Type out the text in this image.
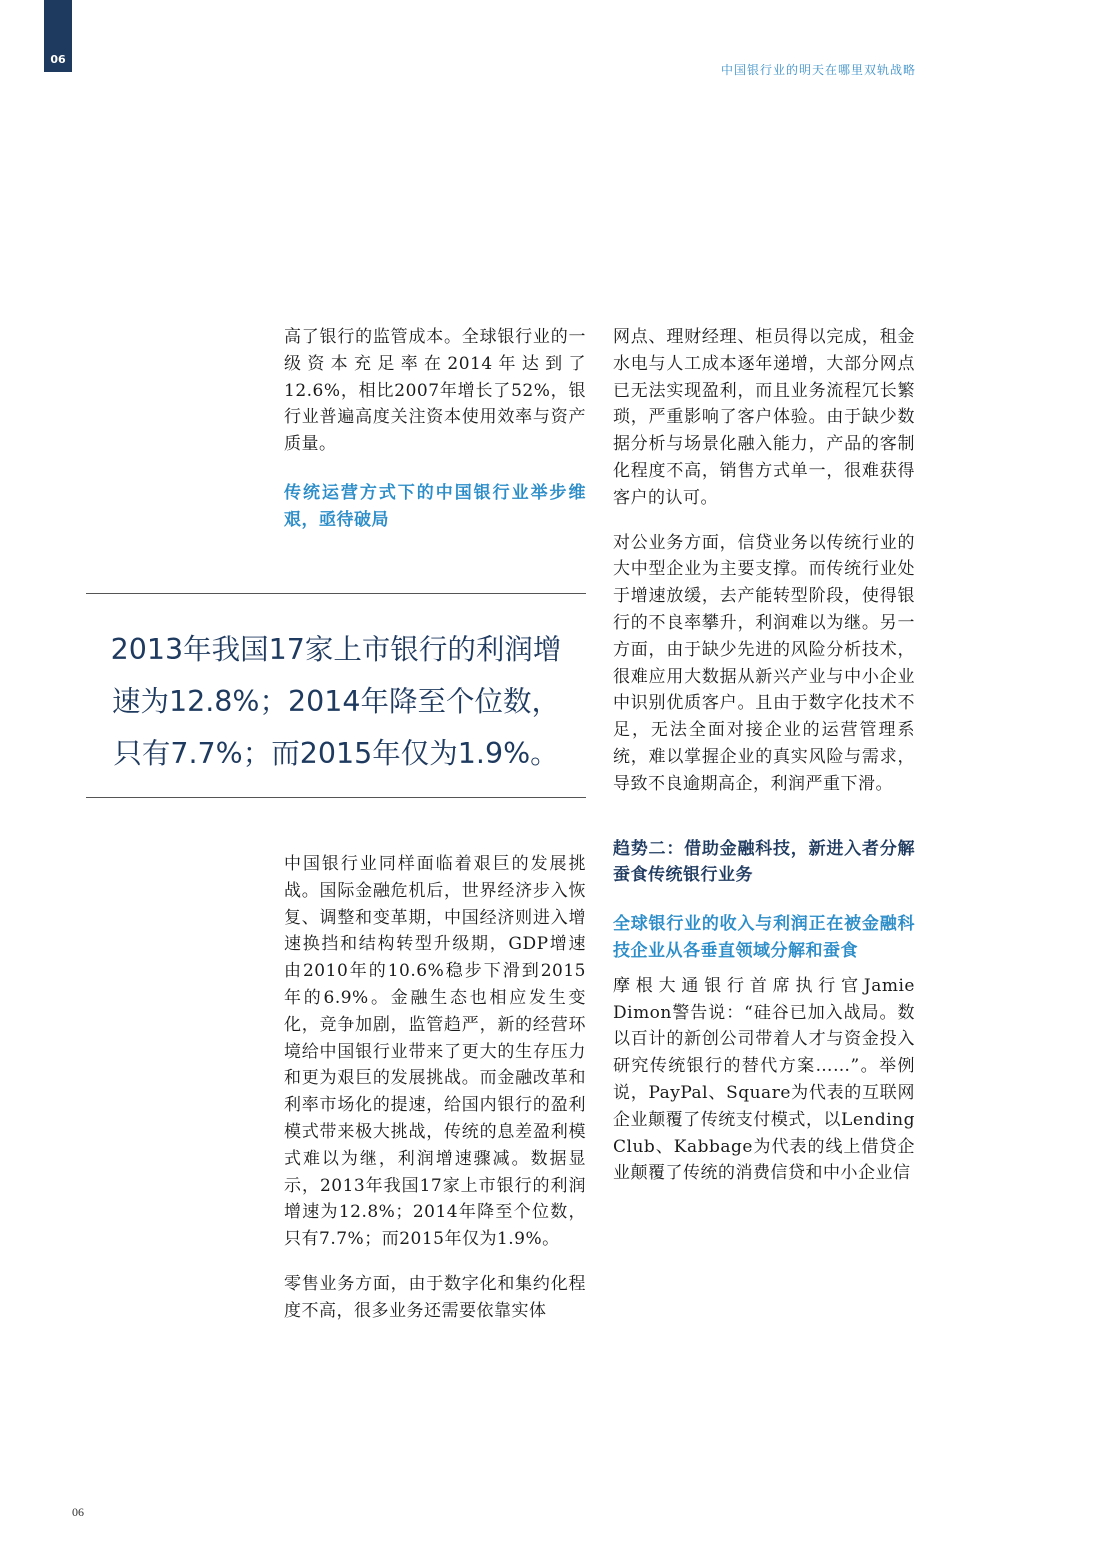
06
中国银行业的明天在哪里双轨战略

高了银行的监管成本。全球银行业的一级资本充足率在2014年达到了12.6%，相比2007年增长了52%，银行业普遍高度关注资本使用效率与资产质量。

传统运营方式下的中国银行业举步维艰，亟待破局

2013年我国17家上市银行的利润增
速为12.8%；2014年降至个位数，
只有7.7%；而2015年仅为1.9%。

中国银行业同样面临着艰巨的发展挑战。国际金融危机后，世界经济步入恢复、调整和变革期，中国经济则进入增速换挡和结构转型升级期，GDP增速由2010年的10.6%稳步下滑到2015年的6.9%。金融生态也相应发生变化，竞争加剧，监管趋严，新的经营环境给中国银行业带来了更大的生存压力和更为艰巨的发展挑战。而金融改革和利率市场化的提速，给国内银行的盈利模式带来极大挑战，传统的息差盈利模式难以为继，利润增速骤减。数据显示，2013年我国17家上市银行的利润增速为12.8%；2014年降至个位数，只有7.7%；而2015年仅为1.9%。

零售业务方面，由于数字化和集约化程度不高，很多业务还需要依靠实体

网点、理财经理、柜员得以完成，租金水电与人工成本逐年递增，大部分网点已无法实现盈利，而且业务流程冗长繁琐，严重影响了客户体验。由于缺少数据分析与场景化融入能力，产品的客制化程度不高，销售方式单一，很难获得客户的认可。

对公业务方面，信贷业务以传统行业的大中型企业为主要支撑。而传统行业处于增速放缓，去产能转型阶段，使得银行的不良率攀升，利润难以为继。另一方面，由于缺少先进的风险分析技术，很难应用大数据从新兴产业与中小企业中识别优质客户。且由于数字化技术不足，无法全面对接企业的运营管理系统，难以掌握企业的真实风险与需求，导致不良逾期高企，利润严重下滑。

趋势二：借助金融科技，新进入者分解蚕食传统银行业务

全球银行业的收入与利润正在被金融科技企业从各垂直领域分解和蚕食

摩根大通银行首席执行官Jamie Dimon警告说：“硅谷已加入战局。数以百计的新创公司带着人才与资金投入研究传统银行的替代方案……”。举例说，PayPal、Square为代表的互联网企业颠覆了传统支付模式，以Lending Club、Kabbage为代表的线上借贷企业颠覆了传统的消费信贷和中小企业信

06
